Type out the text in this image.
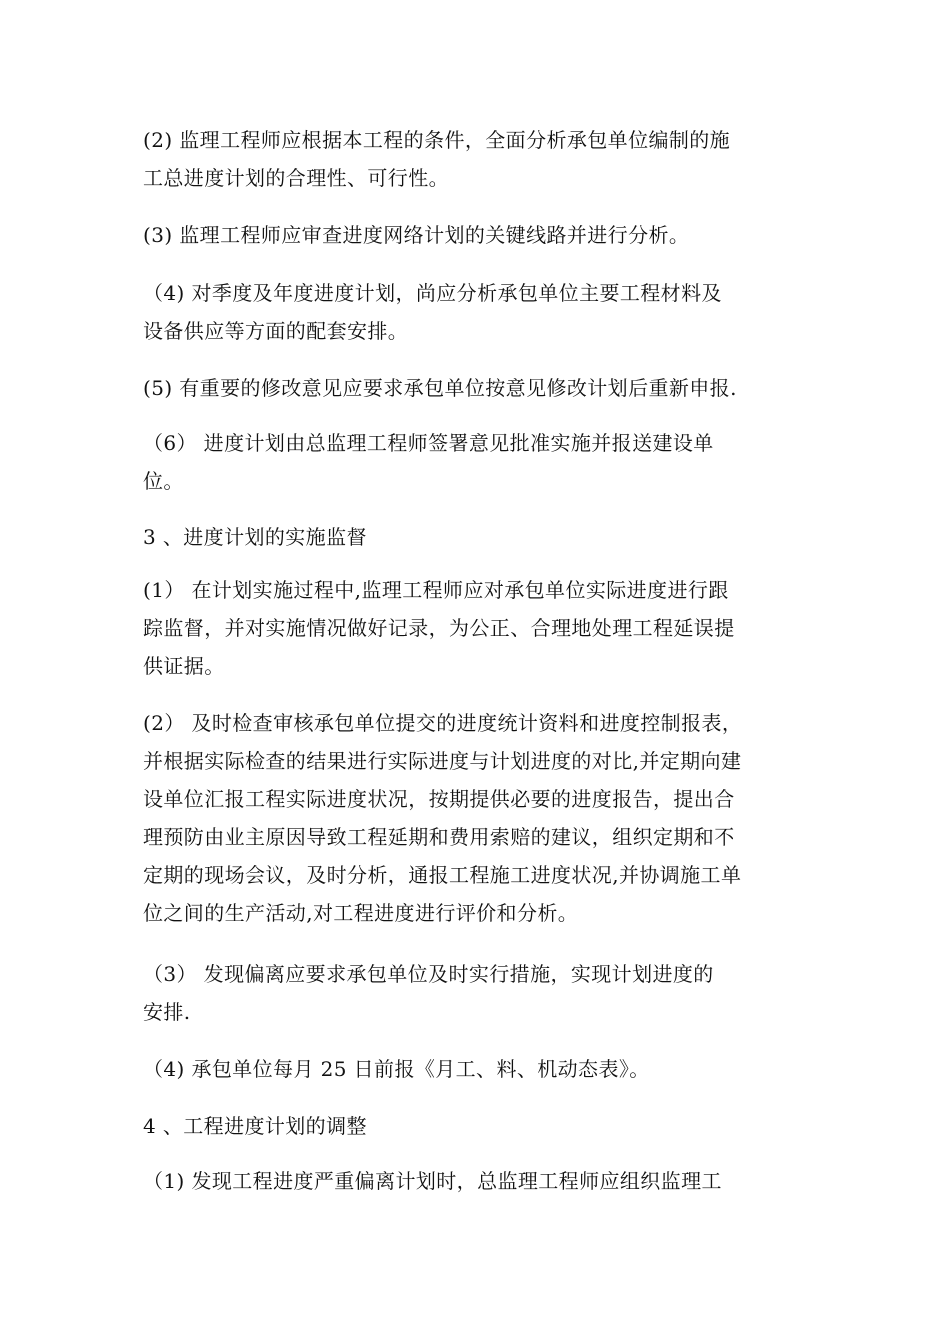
(2) 监理工程师应根据本工程的条件，全面分析承包单位编制的施
工总进度计划的合理性、可行性。
(3) 监理工程师应审查进度网络计划的关键线路并进行分析。
（4) 对季度及年度进度计划，尚应分析承包单位主要工程材料及
设备供应等方面的配套安排。
(5) 有重要的修改意见应要求承包单位按意见修改计划后重新申报.
（6） 进度计划由总监理工程师签署意见批准实施并报送建设单
位。
3 、进度计划的实施监督
(1） 在计划实施过程中,监理工程师应对承包单位实际进度进行跟
踪监督，并对实施情况做好记录，为公正、合理地处理工程延误提
供证据。
(2） 及时检查审核承包单位提交的进度统计资料和进度控制报表，
并根据实际检查的结果进行实际进度与计划进度的对比,并定期向建
设单位汇报工程实际进度状况，按期提供必要的进度报告，提出合
理预防由业主原因导致工程延期和费用索赔的建议，组织定期和不
定期的现场会议，及时分析，通报工程施工进度状况,并协调施工单
位之间的生产活动,对工程进度进行评价和分析。
（3） 发现偏离应要求承包单位及时实行措施，实现计划进度的
安排.
（4) 承包单位每月 25 日前报《月工、料、机动态表》。
4 、工程进度计划的调整
（1) 发现工程进度严重偏离计划时，总监理工程师应组织监理工
